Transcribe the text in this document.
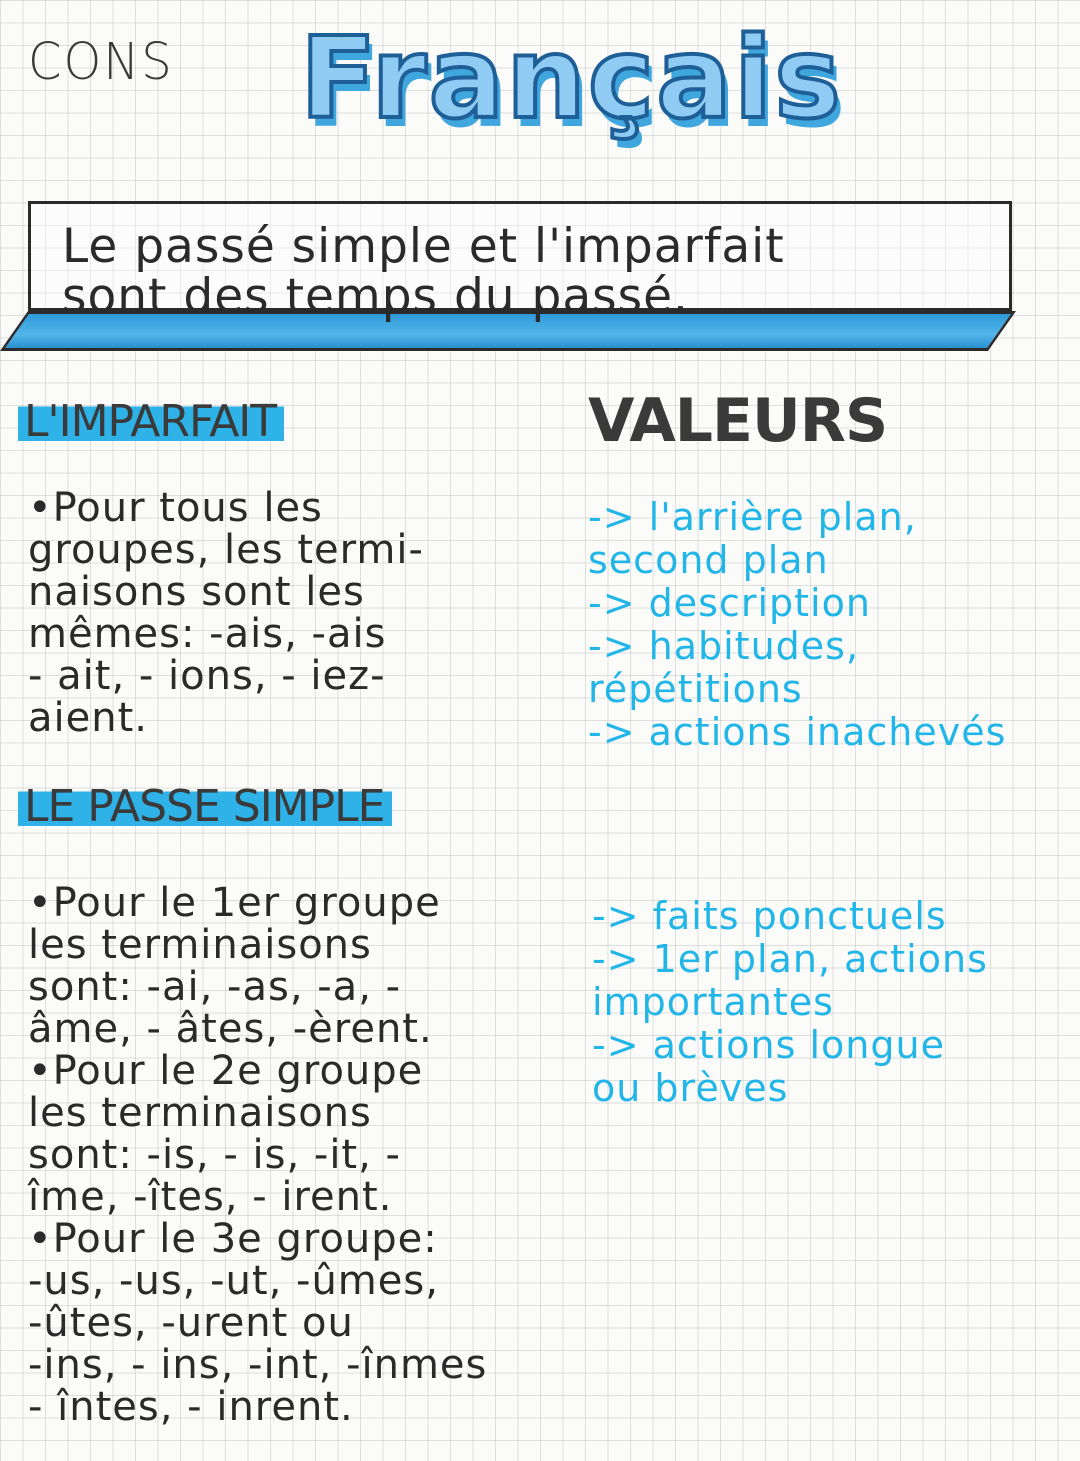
CONS Français
Le passé simple et l'imparfait
sont des temps du passé.
L'IMPARFAIT	VALEURS
•Pour tous les
groupes, les termi-
naisons sont les
mêmes: -ais, -ais
- ait, - ions, - iez-
aient.
-> l'arrière plan,
second plan
-> description
-> habitudes,
répétitions
-> actions inachevés
LE PASSE SIMPLE
•Pour le 1er groupe
les terminaisons
sont: -ai, -as, -a, -
âme, - âtes, -èrent.
•Pour le 2e groupe
les terminaisons
sont: -is, - is, -it, -
îme, -îtes, - irent.
•Pour le 3e groupe:
-us, -us, -ut, -ûmes,
-ûtes, -urent ou
-ins, - ins, -int, -înmes
- întes, - inrent.
-> faits ponctuels
-> 1er plan, actions
importantes
-> actions longue
ou brèves
